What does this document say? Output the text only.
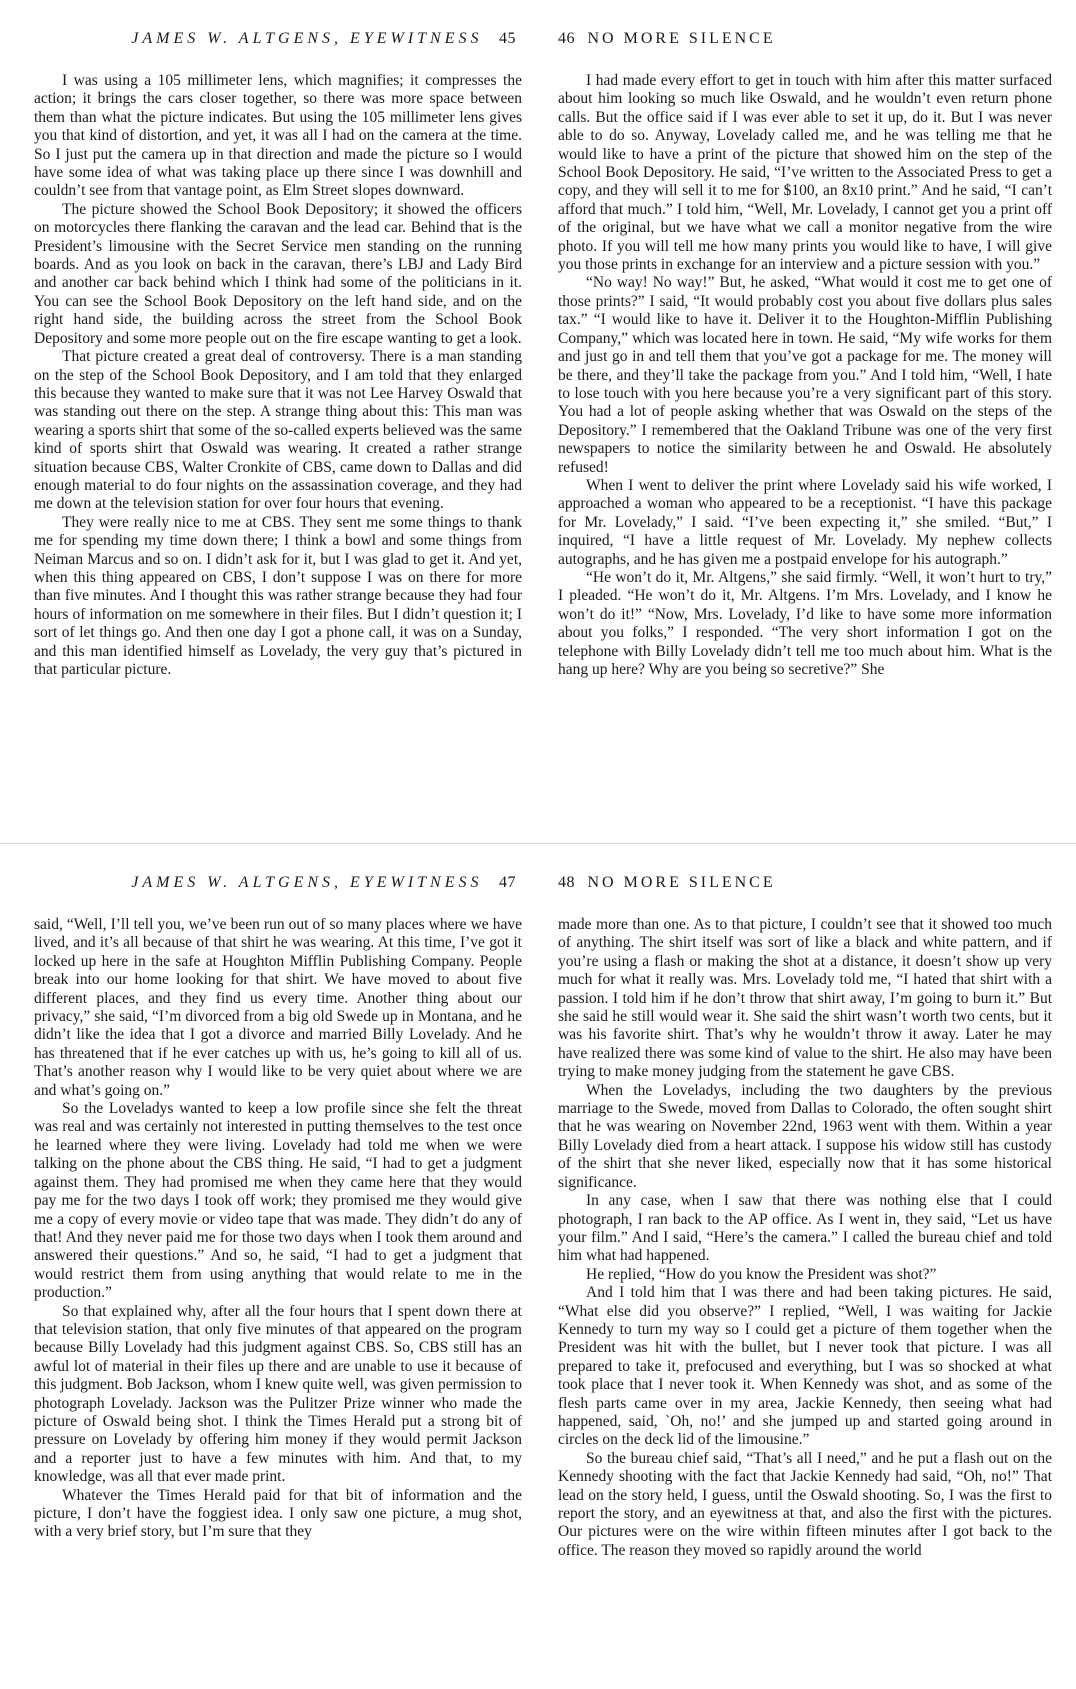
JAMES W. ALTGENS, EYEWITNESS 45

I was using a 105 millimeter lens, which magnifies; it compresses the action; it brings the cars closer together, so there was more space between them than what the picture indicates. But using the 105 millimeter lens gives you that kind of distortion, and yet, it was all I had on the camera at the time. So I just put the camera up in that direction and made the picture so I would have some idea of what was taking place up there since I was downhill and couldn’t see from that vantage point, as Elm Street slopes downward.

The picture showed the School Book Depository; it showed the officers on motorcycles there flanking the caravan and the lead car. Behind that is the President’s limousine with the Secret Service men standing on the running boards. And as you look on back in the caravan, there’s LBJ and Lady Bird and another car back behind which I think had some of the politicians in it. You can see the School Book Depository on the left hand side, and on the right hand side, the building across the street from the School Book Depository and some more people out on the fire escape wanting to get a look.

That picture created a great deal of controversy. There is a man standing on the step of the School Book Depository, and I am told that they enlarged this because they wanted to make sure that it was not Lee Harvey Oswald that was standing out there on the step. A strange thing about this: This man was wearing a sports shirt that some of the so-called experts believed was the same kind of sports shirt that Oswald was wearing. It created a rather strange situation because CBS, Walter Cronkite of CBS, came down to Dallas and did enough material to do four nights on the assassination coverage, and they had me down at the television station for over four hours that evening.

They were really nice to me at CBS. They sent me some things to thank me for spending my time down there; I think a bowl and some things from Neiman Marcus and so on. I didn’t ask for it, but I was glad to get it. And yet, when this thing appeared on CBS, I don’t suppose I was on there for more than five minutes. And I thought this was rather strange because they had four hours of information on me somewhere in their files. But I didn’t question it; I sort of let things go. And then one day I got a phone call, it was on a Sunday, and this man identified himself as Lovelady, the very guy that’s pictured in that particular picture.

46 NO MORE SILENCE

I had made every effort to get in touch with him after this matter surfaced about him looking so much like Oswald, and he wouldn’t even return phone calls. But the office said if I was ever able to set it up, do it. But I was never able to do so. Anyway, Lovelady called me, and he was telling me that he would like to have a print of the picture that showed him on the step of the School Book Depository. He said, “I’ve written to the Associated Press to get a copy, and they will sell it to me for $100, an 8x10 print.” And he said, “I can’t afford that much.” I told him, “Well, Mr. Lovelady, I cannot get you a print off of the original, but we have what we call a monitor negative from the wire photo. If you will tell me how many prints you would like to have, I will give you those prints in exchange for an interview and a picture session with you.”

“No way! No way!” But, he asked, “What would it cost me to get one of those prints?” I said, “It would probably cost you about five dollars plus sales tax.” “I would like to have it. Deliver it to the Houghton-Mifflin Publishing Company,” which was located here in town. He said, “My wife works for them and just go in and tell them that you’ve got a package for me. The money will be there, and they’ll take the package from you.” And I told him, “Well, I hate to lose touch with you here because you’re a very significant part of this story. You had a lot of people asking whether that was Oswald on the steps of the Depository.” I remembered that the Oakland Tribune was one of the very first newspapers to notice the similarity between he and Oswald. He absolutely refused!

When I went to deliver the print where Lovelady said his wife worked, I approached a woman who appeared to be a receptionist. “I have this package for Mr. Lovelady,” I said. “I’ve been expecting it,” she smiled. “But,” I inquired, “I have a little request of Mr. Lovelady. My nephew collects autographs, and he has given me a postpaid envelope for his autograph.”

“He won’t do it, Mr. Altgens,” she said firmly. “Well, it won’t hurt to try,” I pleaded. “He won’t do it, Mr. Altgens. I’m Mrs. Lovelady, and I know he won’t do it!” “Now, Mrs. Lovelady, I’d like to have some more information about you folks,” I responded. “The very short information I got on the telephone with Billy Lovelady didn’t tell me too much about him. What is the hang up here? Why are you being so secretive?” She

JAMES W. ALTGENS, EYEWITNESS 47

said, “Well, I’ll tell you, we’ve been run out of so many places where we have lived, and it’s all because of that shirt he was wearing. At this time, I’ve got it locked up here in the safe at Houghton Mifflin Publishing Company. People break into our home looking for that shirt. We have moved to about five different places, and they find us every time. Another thing about our privacy,” she said, “I’m divorced from a big old Swede up in Montana, and he didn’t like the idea that I got a divorce and married Billy Lovelady. And he has threatened that if he ever catches up with us, he’s going to kill all of us. That’s another reason why I would like to be very quiet about where we are and what’s going on.”

So the Loveladys wanted to keep a low profile since she felt the threat was real and was certainly not interested in putting themselves to the test once he learned where they were living. Lovelady had told me when we were talking on the phone about the CBS thing. He said, “I had to get a judgment against them. They had promised me when they came here that they would pay me for the two days I took off work; they promised me they would give me a copy of every movie or video tape that was made. They didn’t do any of that! And they never paid me for those two days when I took them around and answered their questions.” And so, he said, “I had to get a judgment that would restrict them from using anything that would relate to me in the production.”

So that explained why, after all the four hours that I spent down there at that television station, that only five minutes of that appeared on the program because Billy Lovelady had this judgment against CBS. So, CBS still has an awful lot of material in their files up there and are unable to use it because of this judgment. Bob Jackson, whom I knew quite well, was given permission to photograph Lovelady. Jackson was the Pulitzer Prize winner who made the picture of Oswald being shot. I think the Times Herald put a strong bit of pressure on Lovelady by offering him money if they would permit Jackson and a reporter just to have a few minutes with him. And that, to my knowledge, was all that ever made print.

Whatever the Times Herald paid for that bit of information and the picture, I don’t have the foggiest idea. I only saw one picture, a mug shot, with a very brief story, but I’m sure that they

48 NO MORE SILENCE

made more than one. As to that picture, I couldn’t see that it showed too much of anything. The shirt itself was sort of like a black and white pattern, and if you’re using a flash or making the shot at a distance, it doesn’t show up very much for what it really was. Mrs. Lovelady told me, “I hated that shirt with a passion. I told him if he don’t throw that shirt away, I’m going to burn it.” But she said he still would wear it. She said the shirt wasn’t worth two cents, but it was his favorite shirt. That’s why he wouldn’t throw it away. Later he may have realized there was some kind of value to the shirt. He also may have been trying to make money judging from the statement he gave CBS.

When the Loveladys, including the two daughters by the previous marriage to the Swede, moved from Dallas to Colorado, the often sought shirt that he was wearing on November 22nd, 1963 went with them. Within a year Billy Lovelady died from a heart attack. I suppose his widow still has custody of the shirt that she never liked, especially now that it has some historical significance.

In any case, when I saw that there was nothing else that I could photograph, I ran back to the AP office. As I went in, they said, “Let us have your film.” And I said, “Here’s the camera.” I called the bureau chief and told him what had happened.

He replied, “How do you know the President was shot?”

And I told him that I was there and had been taking pictures. He said, “What else did you observe?” I replied, “Well, I was waiting for Jackie Kennedy to turn my way so I could get a picture of them together when the President was hit with the bullet, but I never took that picture. I was all prepared to take it, prefocused and everything, but I was so shocked at what took place that I never took it. When Kennedy was shot, and as some of the flesh parts came over in my area, Jackie Kennedy, then seeing what had happened, said, `Oh, no!’ and she jumped up and started going around in circles on the deck lid of the limousine.”

So the bureau chief said, “That’s all I need,” and he put a flash out on the Kennedy shooting with the fact that Jackie Kennedy had said, “Oh, no!” That lead on the story held, I guess, until the Oswald shooting. So, I was the first to report the story, and an eyewitness at that, and also the first with the pictures. Our pictures were on the wire within fifteen minutes after I got back to the office. The reason they moved so rapidly around the world
